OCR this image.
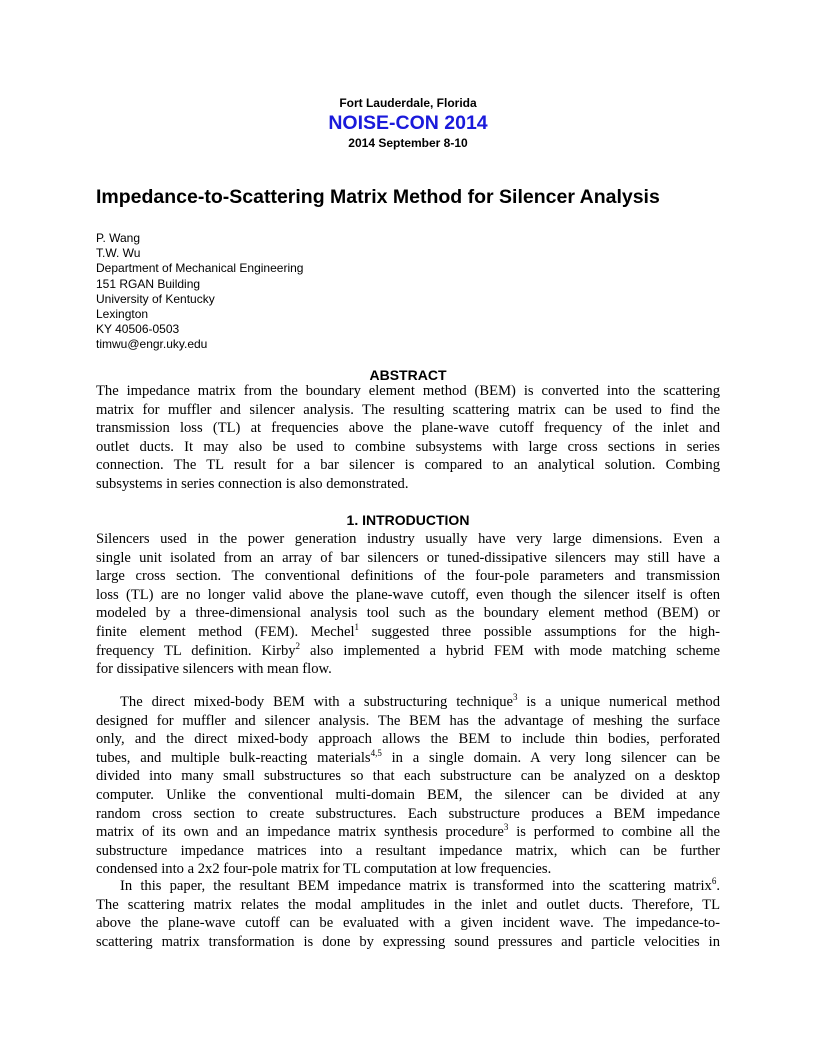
Fort Lauderdale, Florida
NOISE-CON 2014
2014 September 8-10
Impedance-to-Scattering Matrix Method for Silencer Analysis
P. Wang
T.W. Wu
Department of Mechanical Engineering
151 RGAN Building
University of Kentucky
Lexington
KY 40506-0503
timwu@engr.uky.edu
ABSTRACT
The impedance matrix from the boundary element method (BEM) is converted into the scattering
matrix for muffler and silencer analysis. The resulting scattering matrix can be used to find the
transmission loss (TL) at frequencies above the plane-wave cutoff frequency of the inlet and
outlet ducts. It may also be used to combine subsystems with large cross sections in series
connection. The TL result for a bar silencer is compared to an analytical solution. Combing
subsystems in series connection is also demonstrated.
1. INTRODUCTION
Silencers used in the power generation industry usually have very large dimensions. Even a
single unit isolated from an array of bar silencers or tuned-dissipative silencers may still have a
large cross section. The conventional definitions of the four-pole parameters and transmission
loss (TL) are no longer valid above the plane-wave cutoff, even though the silencer itself is often
modeled by a three-dimensional analysis tool such as the boundary element method (BEM) or
finite element method (FEM). Mechel$^1$ suggested three possible assumptions for the high-
frequency TL definition. Kirby$^2$ also implemented a hybrid FEM with mode matching scheme
for dissipative silencers with mean flow.
The direct mixed-body BEM with a substructuring technique$^3$ is a unique numerical method
designed for muffler and silencer analysis. The BEM has the advantage of meshing the surface
only, and the direct mixed-body approach allows the BEM to include thin bodies, perforated
tubes, and multiple bulk-reacting materials$^{4,5}$ in a single domain. A very long silencer can be
divided into many small substructures so that each substructure can be analyzed on a desktop
computer. Unlike the conventional multi-domain BEM, the silencer can be divided at any
random cross section to create substructures. Each substructure produces a BEM impedance
matrix of its own and an impedance matrix synthesis procedure$^3$ is performed to combine all the
substructure impedance matrices into a resultant impedance matrix, which can be further
condensed into a 2x2 four-pole matrix for TL computation at low frequencies.
In this paper, the resultant BEM impedance matrix is transformed into the scattering matrix$^6$.
The scattering matrix relates the modal amplitudes in the inlet and outlet ducts. Therefore, TL
above the plane-wave cutoff can be evaluated with a given incident wave. The impedance-to-
scattering matrix transformation is done by expressing sound pressures and particle velocities in
